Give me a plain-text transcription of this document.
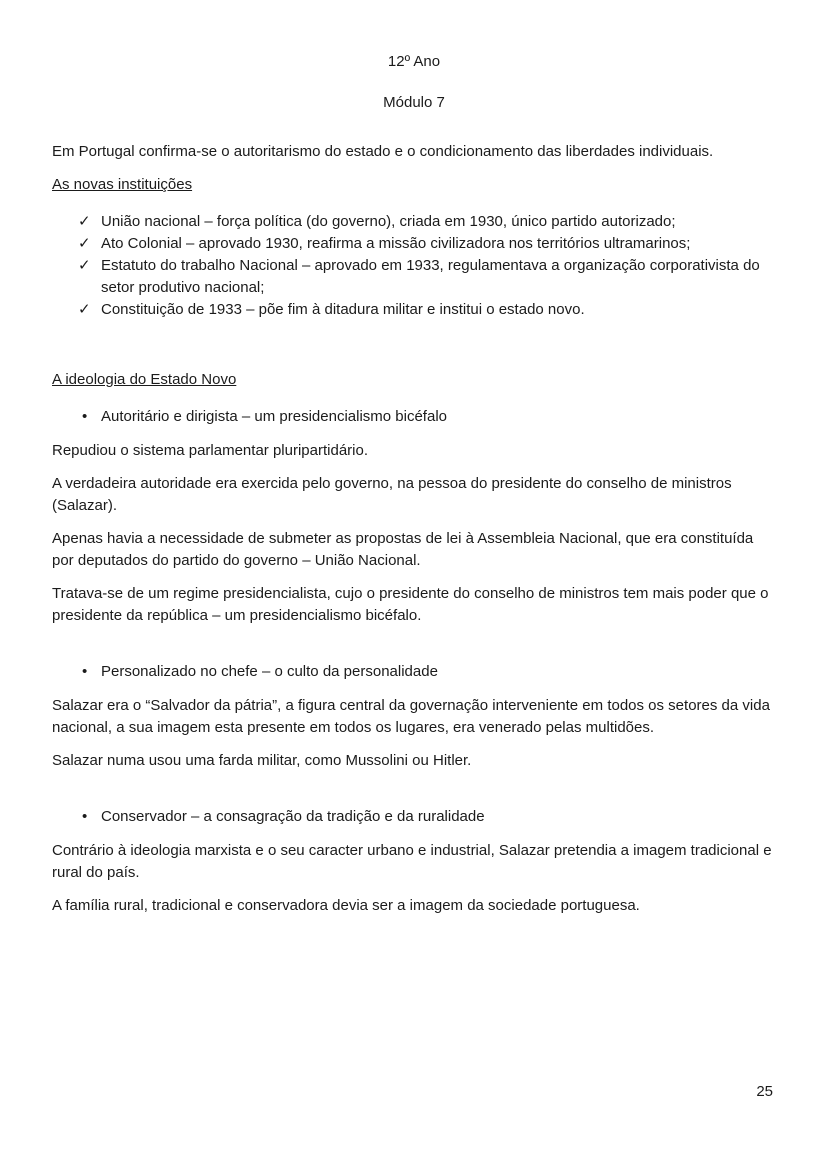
12º Ano

Módulo 7

Em Portugal confirma-se o autoritarismo do estado e o condicionamento das liberdades individuais.

As novas instituições
✓ União nacional – força política (do governo), criada em 1930, único partido autorizado;
✓ Ato Colonial – aprovado 1930, reafirma a missão civilizadora nos territórios ultramarinos;
✓ Estatuto do trabalho Nacional – aprovado em 1933, regulamentava a organização corporativista do setor produtivo nacional;
✓ Constituição de 1933 – põe fim à ditadura militar e institui o estado novo.
A ideologia do Estado Novo
• Autoritário e dirigista – um presidencialismo bicéfalo

Repudiou o sistema parlamentar pluripartidário.

A verdadeira autoridade era exercida pelo governo, na pessoa do presidente do conselho de ministros (Salazar).

Apenas havia a necessidade de submeter as propostas de lei à Assembleia Nacional, que era constituída por deputados do partido do governo – União Nacional.

Tratava-se de um regime presidencialista, cujo o presidente do conselho de ministros tem mais poder que o presidente da república – um presidencialismo bicéfalo.

• Personalizado no chefe – o culto da personalidade

Salazar era o “Salvador da pátria”, a figura central da governação interveniente em todos os setores da vida nacional, a sua imagem esta presente em todos os lugares, era venerado pelas multidões.

Salazar numa usou uma farda militar, como Mussolini ou Hitler.

• Conservador – a consagração da tradição e da ruralidade

Contrário à ideologia marxista e o seu caracter urbano e industrial, Salazar pretendia a imagem tradicional e rural do país.

A família rural, tradicional e conservadora devia ser a imagem da sociedade portuguesa.

25
